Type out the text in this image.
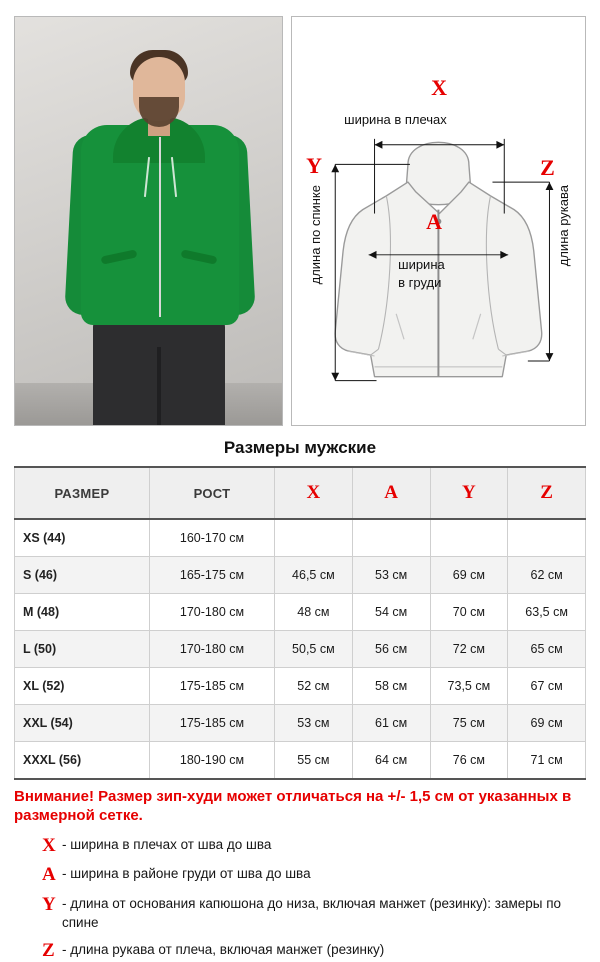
X
ширина в плечах
Y	Z
A
ширина
в груди
длина по спинке	длина рукава
Размеры мужские
РАЗМЕР	РОСТ	X	A	Y	Z
XS (44)	160-170 см				
S (46)	165-175 см	46,5 см	53 см	69 см	62 см
M (48)	170-180 см	48 см	54 см	70 см	63,5 см
L (50)	170-180 см	50,5 см	56 см	72 см	65 см
XL (52)	175-185 см	52 см	58 см	73,5 см	67 см
XXL (54)	175-185 см	53 см	61 см	75 см	69 см
XXXL (56)	180-190 см	55 см	64 см	76 см	71 см
Внимание! Размер зип-худи может отличаться на +/- 1,5 см от указанных в размерной сетке.
X - ширина в плечах от шва до шва
A - ширина в районе груди от шва до шва
Y - длина от основания капюшона до низа, включая манжет (резинку): замеры по спине
Z - длина рукава от плеча, включая манжет (резинку)
